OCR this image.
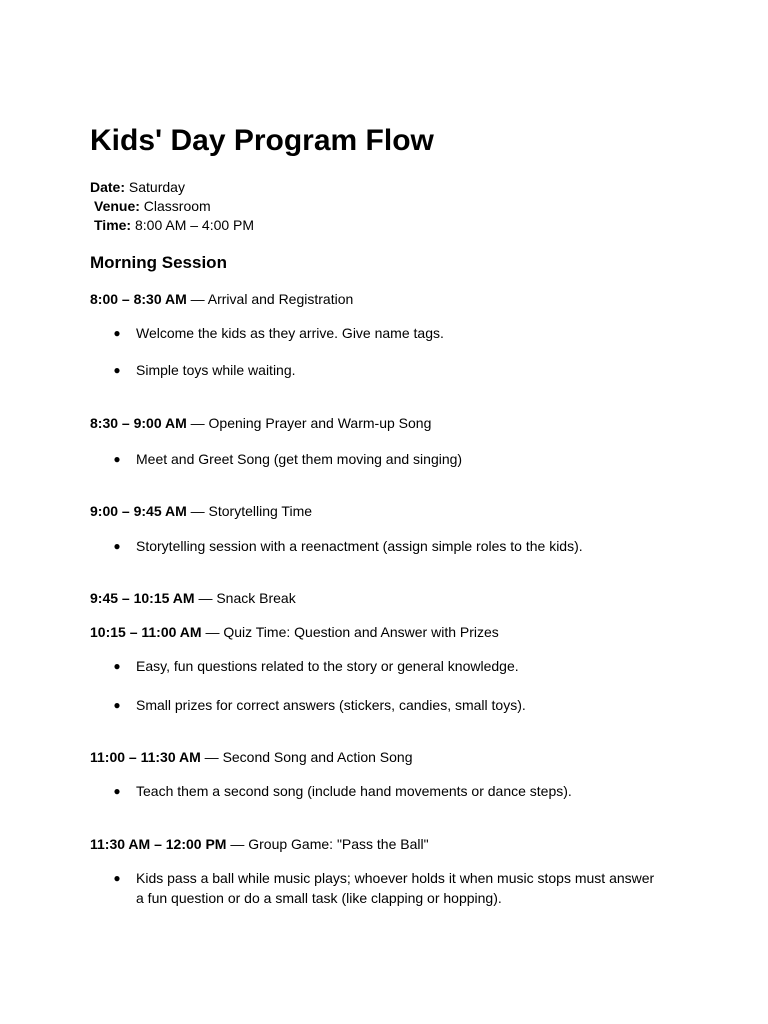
Kids' Day Program Flow
Date: Saturday
Venue: Classroom
Time: 8:00 AM – 4:00 PM
Morning Session
8:00 – 8:30 AM — Arrival and Registration
● Welcome the kids as they arrive. Give name tags.
● Simple toys while waiting.
8:30 – 9:00 AM — Opening Prayer and Warm-up Song
● Meet and Greet Song (get them moving and singing)
9:00 – 9:45 AM — Storytelling Time
● Storytelling session with a reenactment (assign simple roles to the kids).
9:45 – 10:15 AM — Snack Break
10:15 – 11:00 AM — Quiz Time: Question and Answer with Prizes
● Easy, fun questions related to the story or general knowledge.
● Small prizes for correct answers (stickers, candies, small toys).
11:00 – 11:30 AM — Second Song and Action Song
● Teach them a second song (include hand movements or dance steps).
11:30 AM – 12:00 PM — Group Game: "Pass the Ball"
● Kids pass a ball while music plays; whoever holds it when music stops must answer a fun question or do a small task (like clapping or hopping).
